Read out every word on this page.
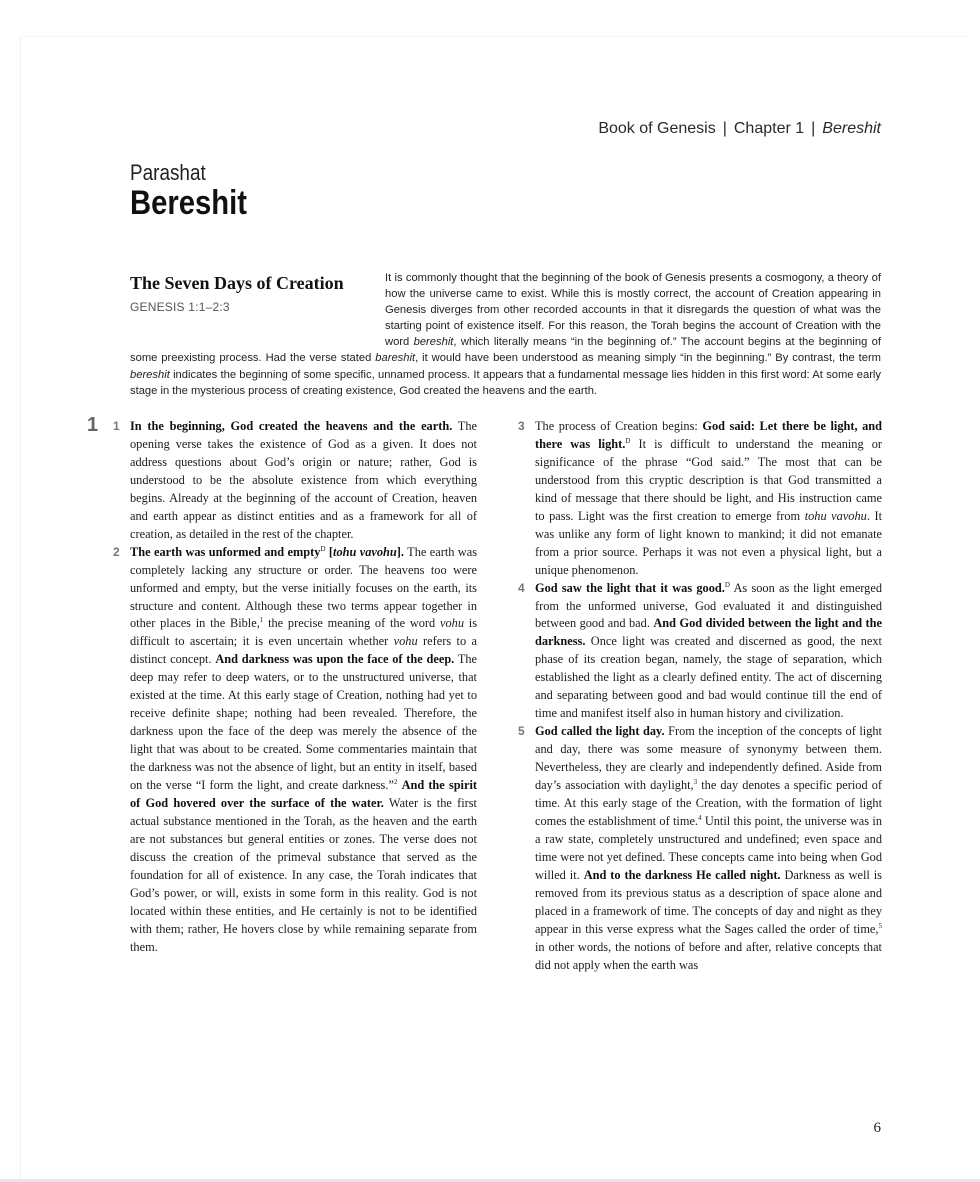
Book of Genesis | Chapter 1 | Bereshit
Parashat
Bereshit
The Seven Days of Creation
GENESIS 1:1–2:3
It is commonly thought that the beginning of the book of Genesis presents a cosmogony, a theory of how the universe came to exist. While this is mostly correct, the account of Creation appearing in Genesis diverges from other recorded accounts in that it disregards the question of what was the starting point of existence itself. For this reason, the Torah begins the account of Creation with the word bereshit, which literally means “in the beginning of.” The account begins at the beginning of some preexisting process. Had the verse stated bareshit, it would have been understood as meaning simply “in the beginning.” By contrast, the term bereshit indicates the beginning of some specific, unnamed process. It appears that a fundamental message lies hidden in this first word: At some early stage in the mysterious process of creating existence, God created the heavens and the earth.
1 1 In the beginning, God created the heavens and the earth. The opening verse takes the existence of God as a given. It does not address questions about God’s origin or nature; rather, God is understood to be the absolute existence from which everything begins. Already at the beginning of the account of Creation, heaven and earth appear as distinct entities and as a framework for all of creation, as detailed in the rest of the chapter.

2 The earth was unformed and empty$^D$ [tohu vavohu]. The earth was completely lacking any structure or order. The heavens too were unformed and empty, but the verse initially focuses on the earth, its structure and content. Although these two terms appear together in other places in the Bible,$^1$ the precise meaning of the word vohu is difficult to ascertain; it is even uncertain whether vohu refers to a distinct concept. And darkness was upon the face of the deep. The deep may refer to deep waters, or to the unstructured universe, that existed at the time. At this early stage of Creation, nothing had yet to receive definite shape; nothing had been revealed. Therefore, the darkness upon the face of the deep was merely the absence of the light that was about to be created. Some commentaries maintain that the darkness was not the absence of light, but an entity in itself, based on the verse “I form the light, and create darkness.”$^2$ And the spirit of God hovered over the surface of the water. Water is the first actual substance mentioned in the Torah, as the heaven and the earth are not substances but general entities or zones. The verse does not discuss the creation of the primeval substance that served as the foundation for all of existence. In any case, the Torah indicates that God’s power, or will, exists in some form in this reality. God is not located within these entities, and He certainly is not to be identified with them; rather, He hovers close by while remaining separate from them.

3 The process of Creation begins: God said: Let there be light, and there was light.$^D$ It is difficult to understand the meaning or significance of the phrase “God said.” The most that can be understood from this cryptic description is that God transmitted a kind of message that there should be light, and His instruction came to pass. Light was the first creation to emerge from tohu vavohu. It was unlike any form of light known to mankind; it did not emanate from a prior source. Perhaps it was not even a physical light, but a unique phenomenon.

4 God saw the light that it was good.$^D$ As soon as the light emerged from the unformed universe, God evaluated it and distinguished between good and bad. And God divided between the light and the darkness. Once light was created and discerned as good, the next phase of its creation began, namely, the stage of separation, which established the light as a clearly defined entity. The act of discerning and separating between good and bad would continue till the end of time and manifest itself also in human history and civilization.

5 God called the light day. From the inception of the concepts of light and day, there was some measure of synonymy between them. Nevertheless, they are clearly and independently defined. Aside from day’s association with daylight,$^3$ the day denotes a specific period of time. At this early stage of the Creation, with the formation of light comes the establishment of time.$^4$ Until this point, the universe was in a raw state, completely unstructured and undefined; even space and time were not yet defined. These concepts came into being when God willed it. And to the darkness He called night. Darkness as well is removed from its previous status as a description of space alone and placed in a framework of time. The concepts of day and night as they appear in this verse express what the Sages called the order of time,$^5$ in other words, the notions of before and after, relative concepts that did not apply when the earth was

6
